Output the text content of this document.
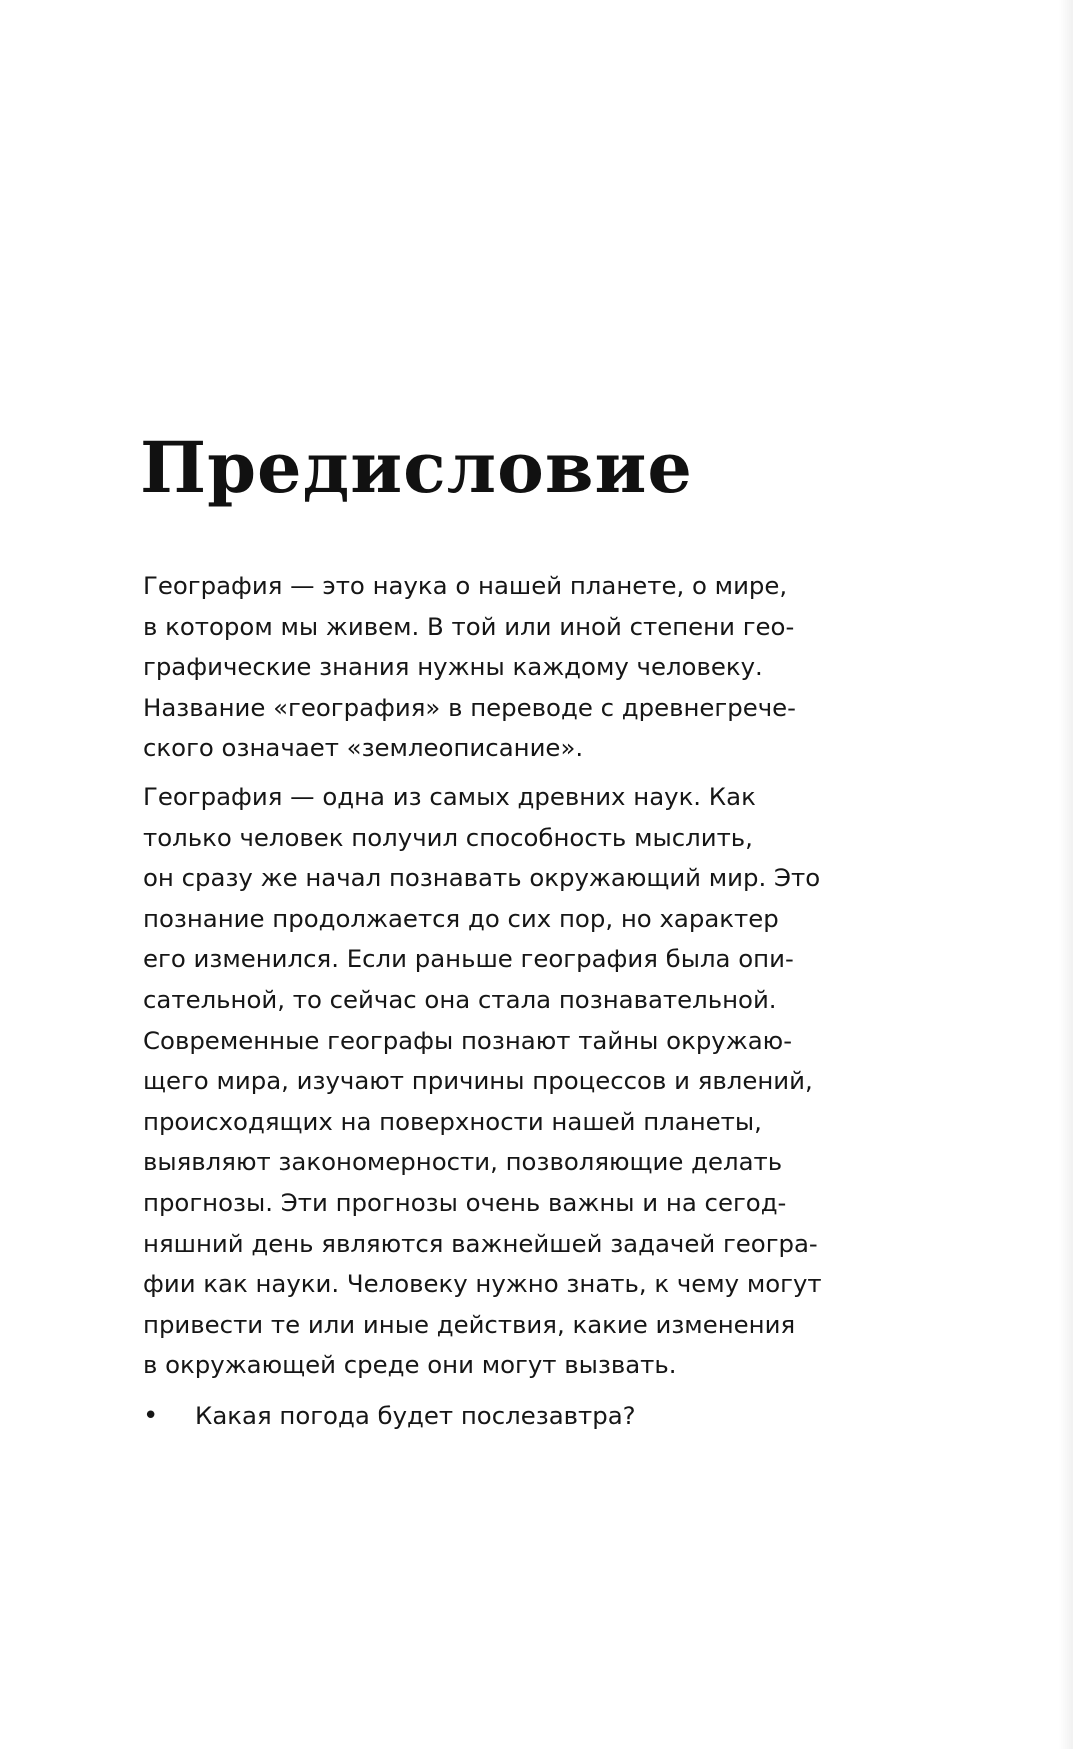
Предисловие
География — это наука о нашей планете, о мире,
в котором мы живем. В той или иной степени гео-
графические знания нужны каждому человеку.
Название «география» в переводе с древнегрече-
ского означает «землеописание».
География — одна из самых древних наук. Как
только человек получил способность мыслить,
он сразу же начал познавать окружающий мир. Это
познание продолжается до сих пор, но характер
его изменился. Если раньше география была опи-
сательной, то сейчас она стала познавательной.
Современные географы познают тайны окружаю-
щего мира, изучают причины процессов и явлений,
происходящих на поверхности нашей планеты,
выявляют закономерности, позволяющие делать
прогнозы. Эти прогнозы очень важны и на сегод-
няшний день являются важнейшей задачей геогра-
фии как науки. Человеку нужно знать, к чему могут
привести те или иные действия, какие изменения
в окружающей среде они могут вызвать.
• Какая погода будет послезавтра?
